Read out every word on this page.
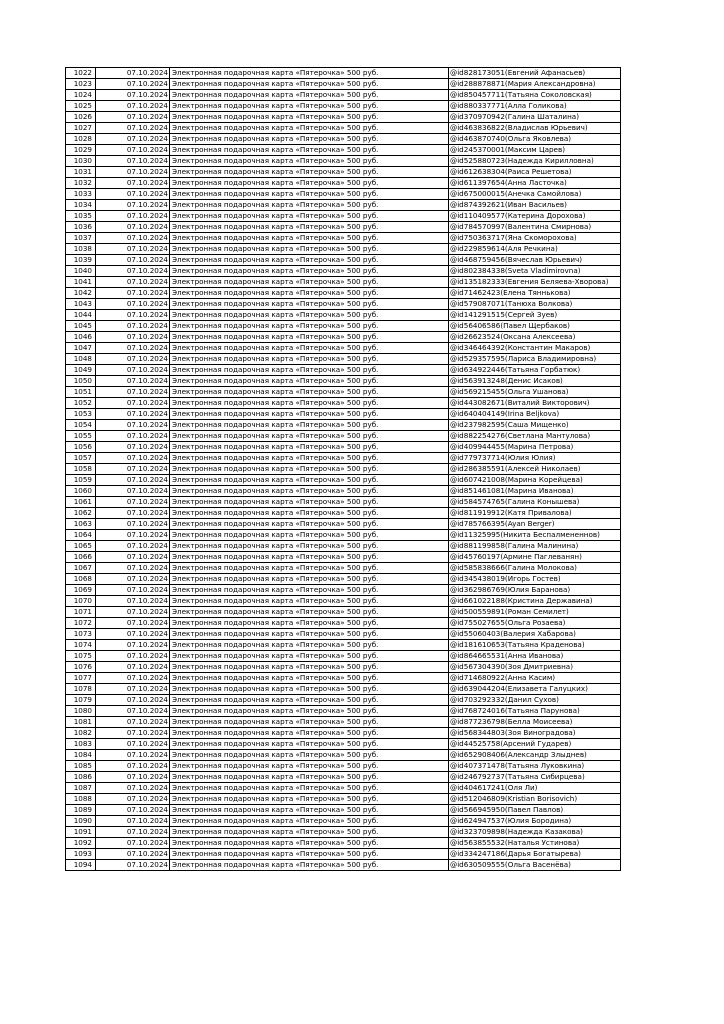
1022	07.10.2024	Электронная подарочная карта «Пятерочка» 500 руб.	@id828173051(Евгений Афанасьев)
1023	07.10.2024	Электронная подарочная карта «Пятерочка» 500 руб.	@id288878871(Мария Александровна)
1024	07.10.2024	Электронная подарочная карта «Пятерочка» 500 руб.	@id850457711(Татьяна Соколовская)
1025	07.10.2024	Электронная подарочная карта «Пятерочка» 500 руб.	@id880337771(Алла Голикова)
1026	07.10.2024	Электронная подарочная карта «Пятерочка» 500 руб.	@id370970942(Галина Шаталина)
1027	07.10.2024	Электронная подарочная карта «Пятерочка» 500 руб.	@id463836822(Владислав Юрьевич)
1028	07.10.2024	Электронная подарочная карта «Пятерочка» 500 руб.	@id463870740(Ольга Яковлева)
1029	07.10.2024	Электронная подарочная карта «Пятерочка» 500 руб.	@id245370001(Максим Царев)
1030	07.10.2024	Электронная подарочная карта «Пятерочка» 500 руб.	@id525880723(Надежда Кирилловна)
1031	07.10.2024	Электронная подарочная карта «Пятерочка» 500 руб.	@id612638304(Раиса Решетова)
1032	07.10.2024	Электронная подарочная карта «Пятерочка» 500 руб.	@id611397654(Анна Ласточка)
1033	07.10.2024	Электронная подарочная карта «Пятерочка» 500 руб.	@id675000015(Анечка Самойлова)
1034	07.10.2024	Электронная подарочная карта «Пятерочка» 500 руб.	@id874392621(Иван Васильев)
1035	07.10.2024	Электронная подарочная карта «Пятерочка» 500 руб.	@id110409577(Катерина Дорохова)
1036	07.10.2024	Электронная подарочная карта «Пятерочка» 500 руб.	@id784570997(Валентина Смирнова)
1037	07.10.2024	Электронная подарочная карта «Пятерочка» 500 руб.	@id750363717(Яна Скоморохова)
1038	07.10.2024	Электронная подарочная карта «Пятерочка» 500 руб.	@id229859614(Аля Речкина)
1039	07.10.2024	Электронная подарочная карта «Пятерочка» 500 руб.	@id468759456(Вячеслав Юрьевич)
1040	07.10.2024	Электронная подарочная карта «Пятерочка» 500 руб.	@id802384338(Sveta Vladimirovna)
1041	07.10.2024	Электронная подарочная карта «Пятерочка» 500 руб.	@id135182333(Евгения Беляева-Хворова)
1042	07.10.2024	Электронная подарочная карта «Пятерочка» 500 руб.	@id71462423(Елена Тяннькова)
1043	07.10.2024	Электронная подарочная карта «Пятерочка» 500 руб.	@id579087071(Танюха Волкова)
1044	07.10.2024	Электронная подарочная карта «Пятерочка» 500 руб.	@id141291515(Сергей Зуев)
1045	07.10.2024	Электронная подарочная карта «Пятерочка» 500 руб.	@id56406586(Павел Щербаков)
1046	07.10.2024	Электронная подарочная карта «Пятерочка» 500 руб.	@id26623524(Оксана Алексеева)
1047	07.10.2024	Электронная подарочная карта «Пятерочка» 500 руб.	@id346464392(Константин Макаров)
1048	07.10.2024	Электронная подарочная карта «Пятерочка» 500 руб.	@id529357595(Лариса Владимировна)
1049	07.10.2024	Электронная подарочная карта «Пятерочка» 500 руб.	@id634922446(Татьяна Горбатюк)
1050	07.10.2024	Электронная подарочная карта «Пятерочка» 500 руб.	@id563913248(Денис Исаков)
1051	07.10.2024	Электронная подарочная карта «Пятерочка» 500 руб.	@id569215455(Ольга Ушанова)
1052	07.10.2024	Электронная подарочная карта «Пятерочка» 500 руб.	@id443082671(Виталий Викторович)
1053	07.10.2024	Электронная подарочная карта «Пятерочка» 500 руб.	@id640404149(Irina Beljkova)
1054	07.10.2024	Электронная подарочная карта «Пятерочка» 500 руб.	@id237982595(Саша Мищенко)
1055	07.10.2024	Электронная подарочная карта «Пятерочка» 500 руб.	@id882254276(Светлана Мантулова)
1056	07.10.2024	Электронная подарочная карта «Пятерочка» 500 руб.	@id409944455(Марина Петрова)
1057	07.10.2024	Электронная подарочная карта «Пятерочка» 500 руб.	@id779737714(Юлия Юлия)
1058	07.10.2024	Электронная подарочная карта «Пятерочка» 500 руб.	@id286385591(Алексей Николаев)
1059	07.10.2024	Электронная подарочная карта «Пятерочка» 500 руб.	@id607421008(Марина Корейцева)
1060	07.10.2024	Электронная подарочная карта «Пятерочка» 500 руб.	@id851461081(Марина Иванова)
1061	07.10.2024	Электронная подарочная карта «Пятерочка» 500 руб.	@id584574765(Галина Конышева)
1062	07.10.2024	Электронная подарочная карта «Пятерочка» 500 руб.	@id811919912(Катя Привалова)
1063	07.10.2024	Электронная подарочная карта «Пятерочка» 500 руб.	@id785766395(Ayan Berger)
1064	07.10.2024	Электронная подарочная карта «Пятерочка» 500 руб.	@id11325995(Никита Беспалмененнов)
1065	07.10.2024	Электронная подарочная карта «Пятерочка» 500 руб.	@id881199858(Галина Малинина)
1066	07.10.2024	Электронная подарочная карта «Пятерочка» 500 руб.	@id45760197(Армине Паглеванян)
1067	07.10.2024	Электронная подарочная карта «Пятерочка» 500 руб.	@id585838666(Галина Молокова)
1068	07.10.2024	Электронная подарочная карта «Пятерочка» 500 руб.	@id345438019(Игорь Гостев)
1069	07.10.2024	Электронная подарочная карта «Пятерочка» 500 руб.	@id362986769(Юлия Баранова)
1070	07.10.2024	Электронная подарочная карта «Пятерочка» 500 руб.	@id661022188(Кристина Державина)
1071	07.10.2024	Электронная подарочная карта «Пятерочка» 500 руб.	@id500559891(Роман Семилет)
1072	07.10.2024	Электронная подарочная карта «Пятерочка» 500 руб.	@id755027655(Ольга Розаева)
1073	07.10.2024	Электронная подарочная карта «Пятерочка» 500 руб.	@id55060403(Валерия Хабарова)
1074	07.10.2024	Электронная подарочная карта «Пятерочка» 500 руб.	@id181610653(Татьяна Краденова)
1075	07.10.2024	Электронная подарочная карта «Пятерочка» 500 руб.	@id864665531(Анна Иванова)
1076	07.10.2024	Электронная подарочная карта «Пятерочка» 500 руб.	@id567304390(Зоя Дмитриевна)
1077	07.10.2024	Электронная подарочная карта «Пятерочка» 500 руб.	@id714680922(Анна Касим)
1078	07.10.2024	Электронная подарочная карта «Пятерочка» 500 руб.	@id639044204(Елизавета Галуцких)
1079	07.10.2024	Электронная подарочная карта «Пятерочка» 500 руб.	@id703292332(Данил Сухов)
1080	07.10.2024	Электронная подарочная карта «Пятерочка» 500 руб.	@id768724016(Татьяна Парунова)
1081	07.10.2024	Электронная подарочная карта «Пятерочка» 500 руб.	@id877236798(Белла Моисеева)
1082	07.10.2024	Электронная подарочная карта «Пятерочка» 500 руб.	@id568344803(Зоя Виноградова)
1083	07.10.2024	Электронная подарочная карта «Пятерочка» 500 руб.	@id44525758(Арсений Гударев)
1084	07.10.2024	Электронная подарочная карта «Пятерочка» 500 руб.	@id652908406(Александр Злыднев)
1085	07.10.2024	Электронная подарочная карта «Пятерочка» 500 руб.	@id407371478(Татьяна Луковкина)
1086	07.10.2024	Электронная подарочная карта «Пятерочка» 500 руб.	@id246792737(Татьяна Сибирцева)
1087	07.10.2024	Электронная подарочная карта «Пятерочка» 500 руб.	@id404617241(Оля Ли)
1088	07.10.2024	Электронная подарочная карта «Пятерочка» 500 руб.	@id512046809(Kristian Borisovich)
1089	07.10.2024	Электронная подарочная карта «Пятерочка» 500 руб.	@id566945950(Павел Павлов)
1090	07.10.2024	Электронная подарочная карта «Пятерочка» 500 руб.	@id624947537(Юлия Бородина)
1091	07.10.2024	Электронная подарочная карта «Пятерочка» 500 руб.	@id323709898(Надежда Казакова)
1092	07.10.2024	Электронная подарочная карта «Пятерочка» 500 руб.	@id563855532(Наталья Устинова)
1093	07.10.2024	Электронная подарочная карта «Пятерочка» 500 руб.	@id334247186(Дарья Богатырева)
1094	07.10.2024	Электронная подарочная карта «Пятерочка» 500 руб.	@id630509555(Ольга Васенёва)
